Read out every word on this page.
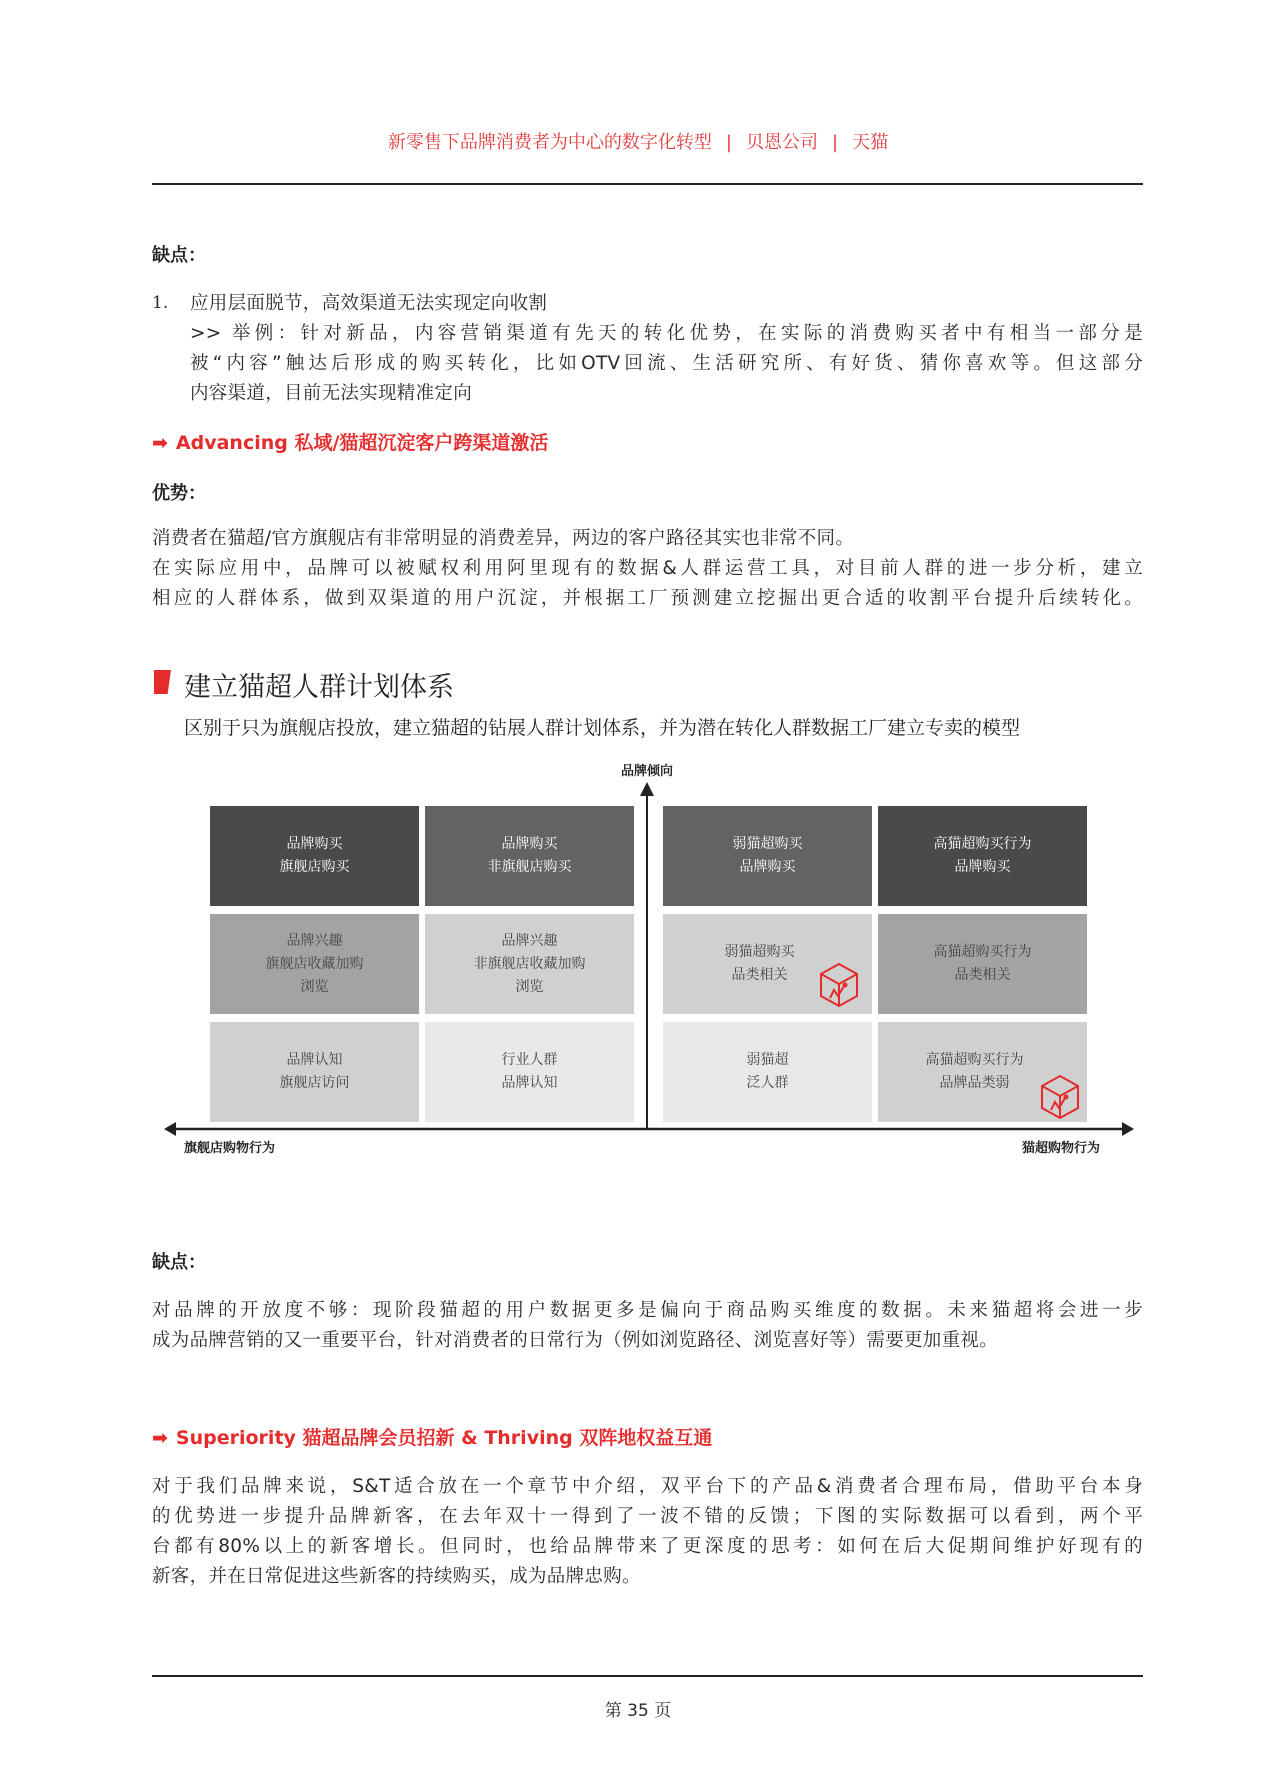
新零售下品牌消费者为中心的数字化转型 | 贝恩公司 | 天猫
缺点：
1. 应用层面脱节，高效渠道无法实现定向收割
>> 举例：针对新品，内容营销渠道有先天的转化优势，在实际的消费购买者中有相当一部分是
被“内容”触达后形成的购买转化，比如OTV回流、生活研究所、有好货、猜你喜欢等。但这部分
内容渠道，目前无法实现精准定向
➡ Advancing 私域/猫超沉淀客户跨渠道激活
优势：
消费者在猫超/官方旗舰店有非常明显的消费差异，两边的客户路径其实也非常不同。
在实际应用中，品牌可以被赋权利用阿里现有的数据&人群运营工具，对目前人群的进一步分析，建立
相应的人群体系，做到双渠道的用户沉淀，并根据工厂预测建立挖掘出更合适的收割平台提升后续转化。
建立猫超人群计划体系
区别于只为旗舰店投放，建立猫超的钻展人群计划体系，并为潜在转化人群数据工厂建立专卖的模型
品牌倾向
品牌购买
旗舰店购买
品牌购买
非旗舰店购买
弱猫超购买
品牌购买
高猫超购买行为
品牌购买
品牌兴趣
旗舰店收藏加购
浏览
品牌兴趣
非旗舰店收藏加购
浏览
弱猫超购买
品类相关
高猫超购买行为
品类相关
品牌认知
旗舰店访问
行业人群
品牌认知
弱猫超
泛人群
高猫超购买行为
品牌品类弱
旗舰店购物行为	猫超购物行为
缺点：
对品牌的开放度不够：现阶段猫超的用户数据更多是偏向于商品购买维度的数据。未来猫超将会进一步
成为品牌营销的又一重要平台，针对消费者的日常行为（例如浏览路径、浏览喜好等）需要更加重视。
➡ Superiority 猫超品牌会员招新 & Thriving 双阵地权益互通
对于我们品牌来说，S&T适合放在一个章节中介绍，双平台下的产品&消费者合理布局，借助平台本身
的优势进一步提升品牌新客，在去年双十一得到了一波不错的反馈；下图的实际数据可以看到，两个平
台都有80%以上的新客增长。但同时，也给品牌带来了更深度的思考：如何在后大促期间维护好现有的
新客，并在日常促进这些新客的持续购买，成为品牌忠购。
第 35 页
